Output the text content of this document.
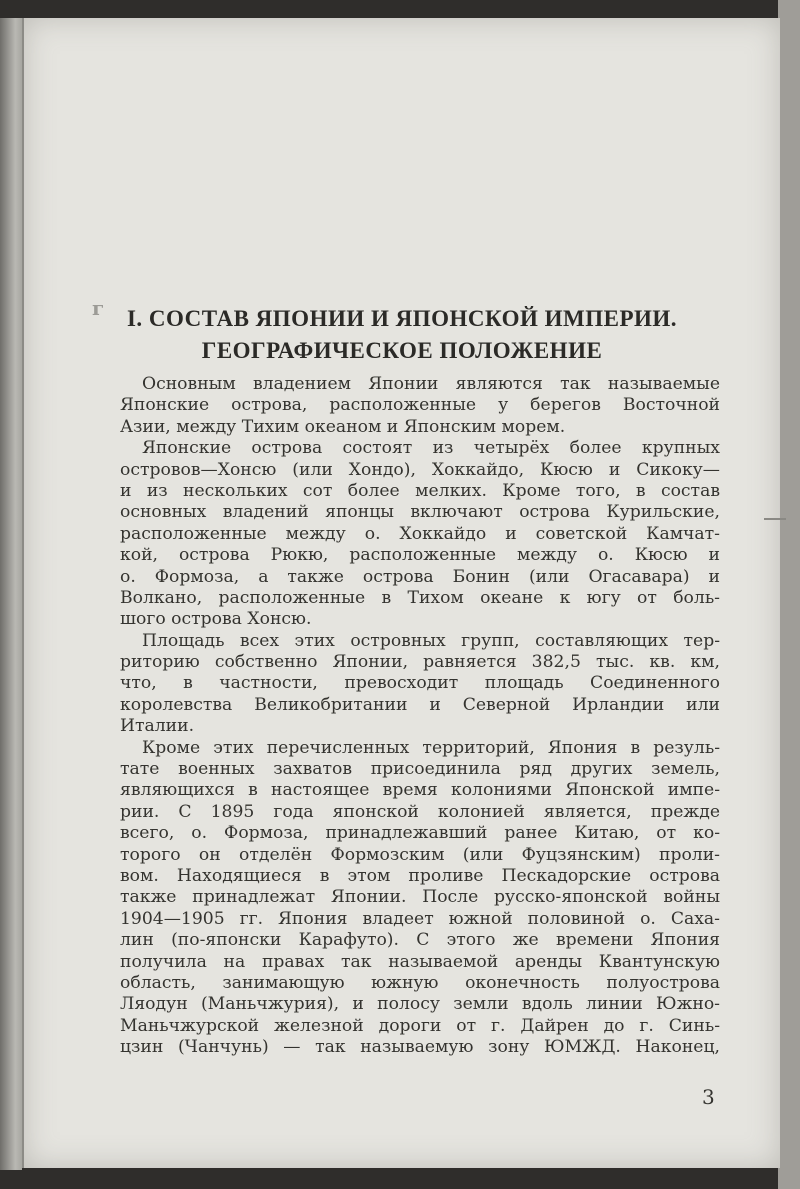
г I. СОСТАВ ЯПОНИИ И ЯПОНСКОЙ ИМПЕРИИ.
ГЕОГРАФИЧЕСКОЕ ПОЛОЖЕНИЕ
Основным владением Японии являются так называемые
Японские острова, расположенные у берегов Восточной
Азии, между Тихим океаном и Японским морем.
Японские острова состоят из четырёх более крупных
островов—Хонсю (или Хондо), Хоккайдо, Кюсю и Сикоку—
и из нескольких сот более мелких. Кроме того, в состав
основных владений японцы включают острова Курильские,
расположенные между о. Хоккайдо и советской Камчат-
кой, острова Рюкю, расположенные между о. Кюсю и
о. Формоза, а также острова Бонин (или Огасавара) и
Волкано, расположенные в Тихом океане к югу от боль-
шого острова Хонсю.
Площадь всех этих островных групп, составляющих тер-
риторию собственно Японии, равняется 382,5 тыс. кв. км,
что, в частности, превосходит площадь Соединенного
королевства Великобритании и Северной Ирландии или
Италии.
Кроме этих перечисленных территорий, Япония в резуль-
тате военных захватов присоединила ряд других земель,
являющихся в настоящее время колониями Японской импе-
рии. С 1895 года японской колонией является, прежде
всего, о. Формоза, принадлежавший ранее Китаю, от ко-
торого он отделён Формозским (или Фуцзянским) проли-
вом. Находящиеся в этом проливе Пескадорские острова
также принадлежат Японии. После русско-японской войны
1904—1905 гг. Япония владеет южной половиной о. Саха-
лин (по-японски Карафуто). С этого же времени Япония
получила на правах так называемой аренды Квантунскую
область, занимающую южную оконечность полуострова
Ляодун (Маньчжурия), и полосу земли вдоль линии Южно-
Маньчжурской железной дороги от г. Дайрен до г. Синь-
цзин (Чанчунь) — так называемую зону ЮМЖД. Наконец,
3
